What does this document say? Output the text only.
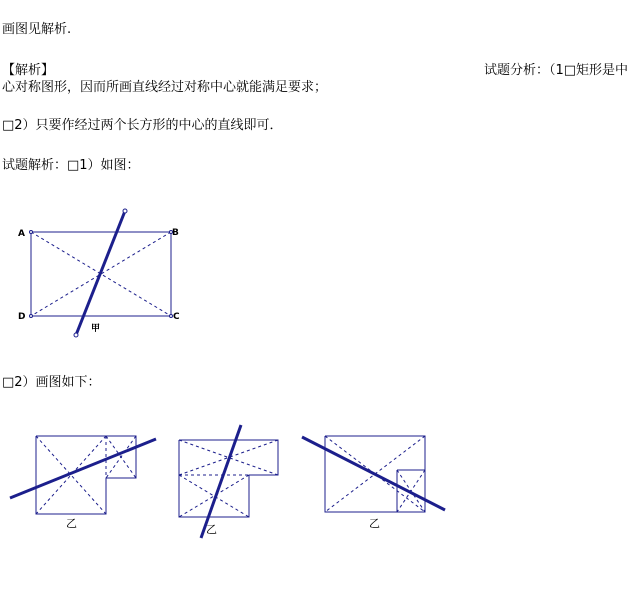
画图见解析.
【解析】	试题分析：（1□矩形是中
心对称图形，因而所画直线经过对称中心就能满足要求；
□2）只要作经过两个长方形的中心的直线即可．
试题解析：□1）如图：
□2）画图如下：
A	B
C
D
甲
乙	乙	乙
